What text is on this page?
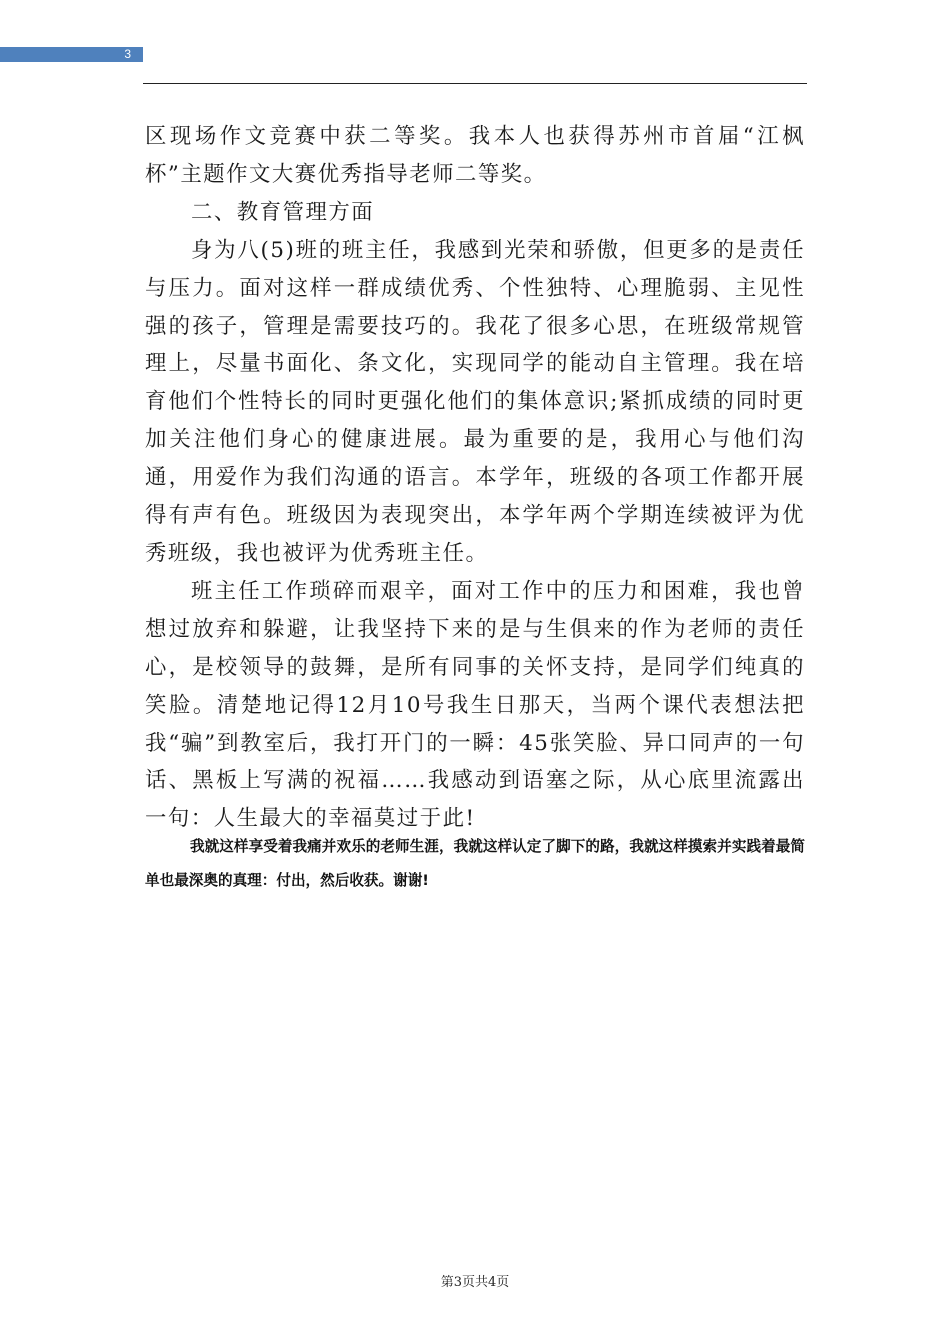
3

区现场作文竞赛中获二等奖。我本人也获得苏州市首届“江枫杯”主题作文大赛优秀指导老师二等奖。

二、教育管理方面

身为八(5)班的班主任，我感到光荣和骄傲，但更多的是责任与压力。面对这样一群成绩优秀、个性独特、心理脆弱、主见性强的孩子，管理是需要技巧的。我花了很多心思，在班级常规管理上，尽量书面化、条文化，实现同学的能动自主管理。我在培育他们个性特长的同时更强化他们的集体意识;紧抓成绩的同时更加关注他们身心的健康进展。最为重要的是，我用心与他们沟通，用爱作为我们沟通的语言。本学年，班级的各项工作都开展得有声有色。班级因为表现突出，本学年两个学期连续被评为优秀班级，我也被评为优秀班主任。

班主任工作琐碎而艰辛，面对工作中的压力和困难，我也曾想过放弃和躲避，让我坚持下来的是与生俱来的作为老师的责任心，是校领导的鼓舞，是所有同事的关怀支持，是同学们纯真的笑脸。清楚地记得12月10号我生日那天，当两个课代表想法把我“骗”到教室后，我打开门的一瞬：45张笑脸、异口同声的一句话、黑板上写满的祝福……我感动到语塞之际，从心底里流露出一句：人生最大的幸福莫过于此!

我就这样享受着我痛并欢乐的老师生涯，我就这样认定了脚下的路，我就这样摸索并实践着最简单也最深奥的真理：付出，然后收获。谢谢!

第3页共4页
